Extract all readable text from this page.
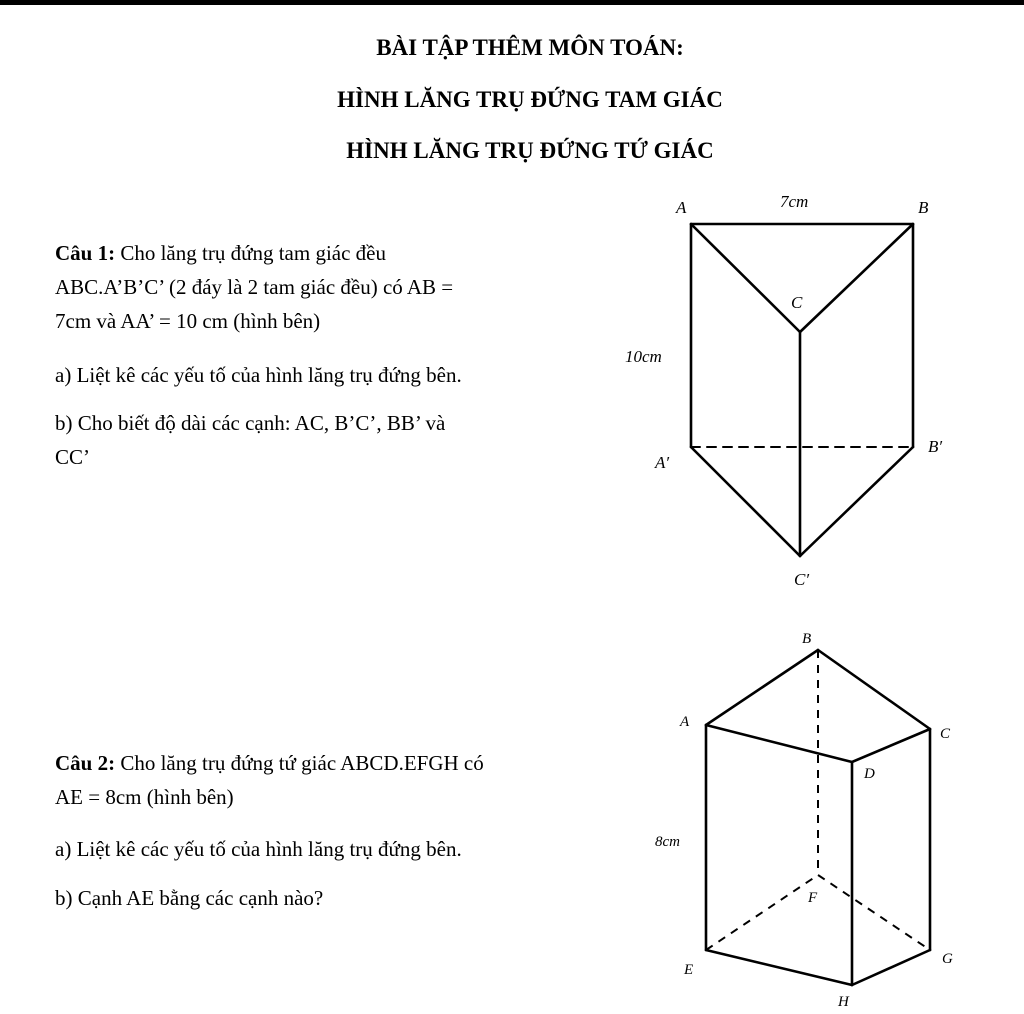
BÀI TẬP THÊM MÔN TOÁN:
HÌNH LĂNG TRỤ ĐỨNG TAM GIÁC
HÌNH LĂNG TRỤ ĐỨNG TỨ GIÁC
Câu 1: Cho lăng trụ đứng tam giác đều
ABC.A’B’C’ (2 đáy là 2 tam giác đều) có AB =
7cm và AA’ = 10 cm (hình bên)
a) Liệt kê các yếu tố của hình lăng trụ đứng bên.
b) Cho biết độ dài các cạnh: AC, B’C’, BB’ và
CC’
Câu 2: Cho lăng trụ đứng tứ giác ABCD.EFGH có
AE = 8cm (hình bên)
a) Liệt kê các yếu tố của hình lăng trụ đứng bên.
b) Cạnh AE bằng các cạnh nào?
A	7cm	B
C
10cm
A′
B′
C′
B
A
C
D
8cm
F
G
E
H
